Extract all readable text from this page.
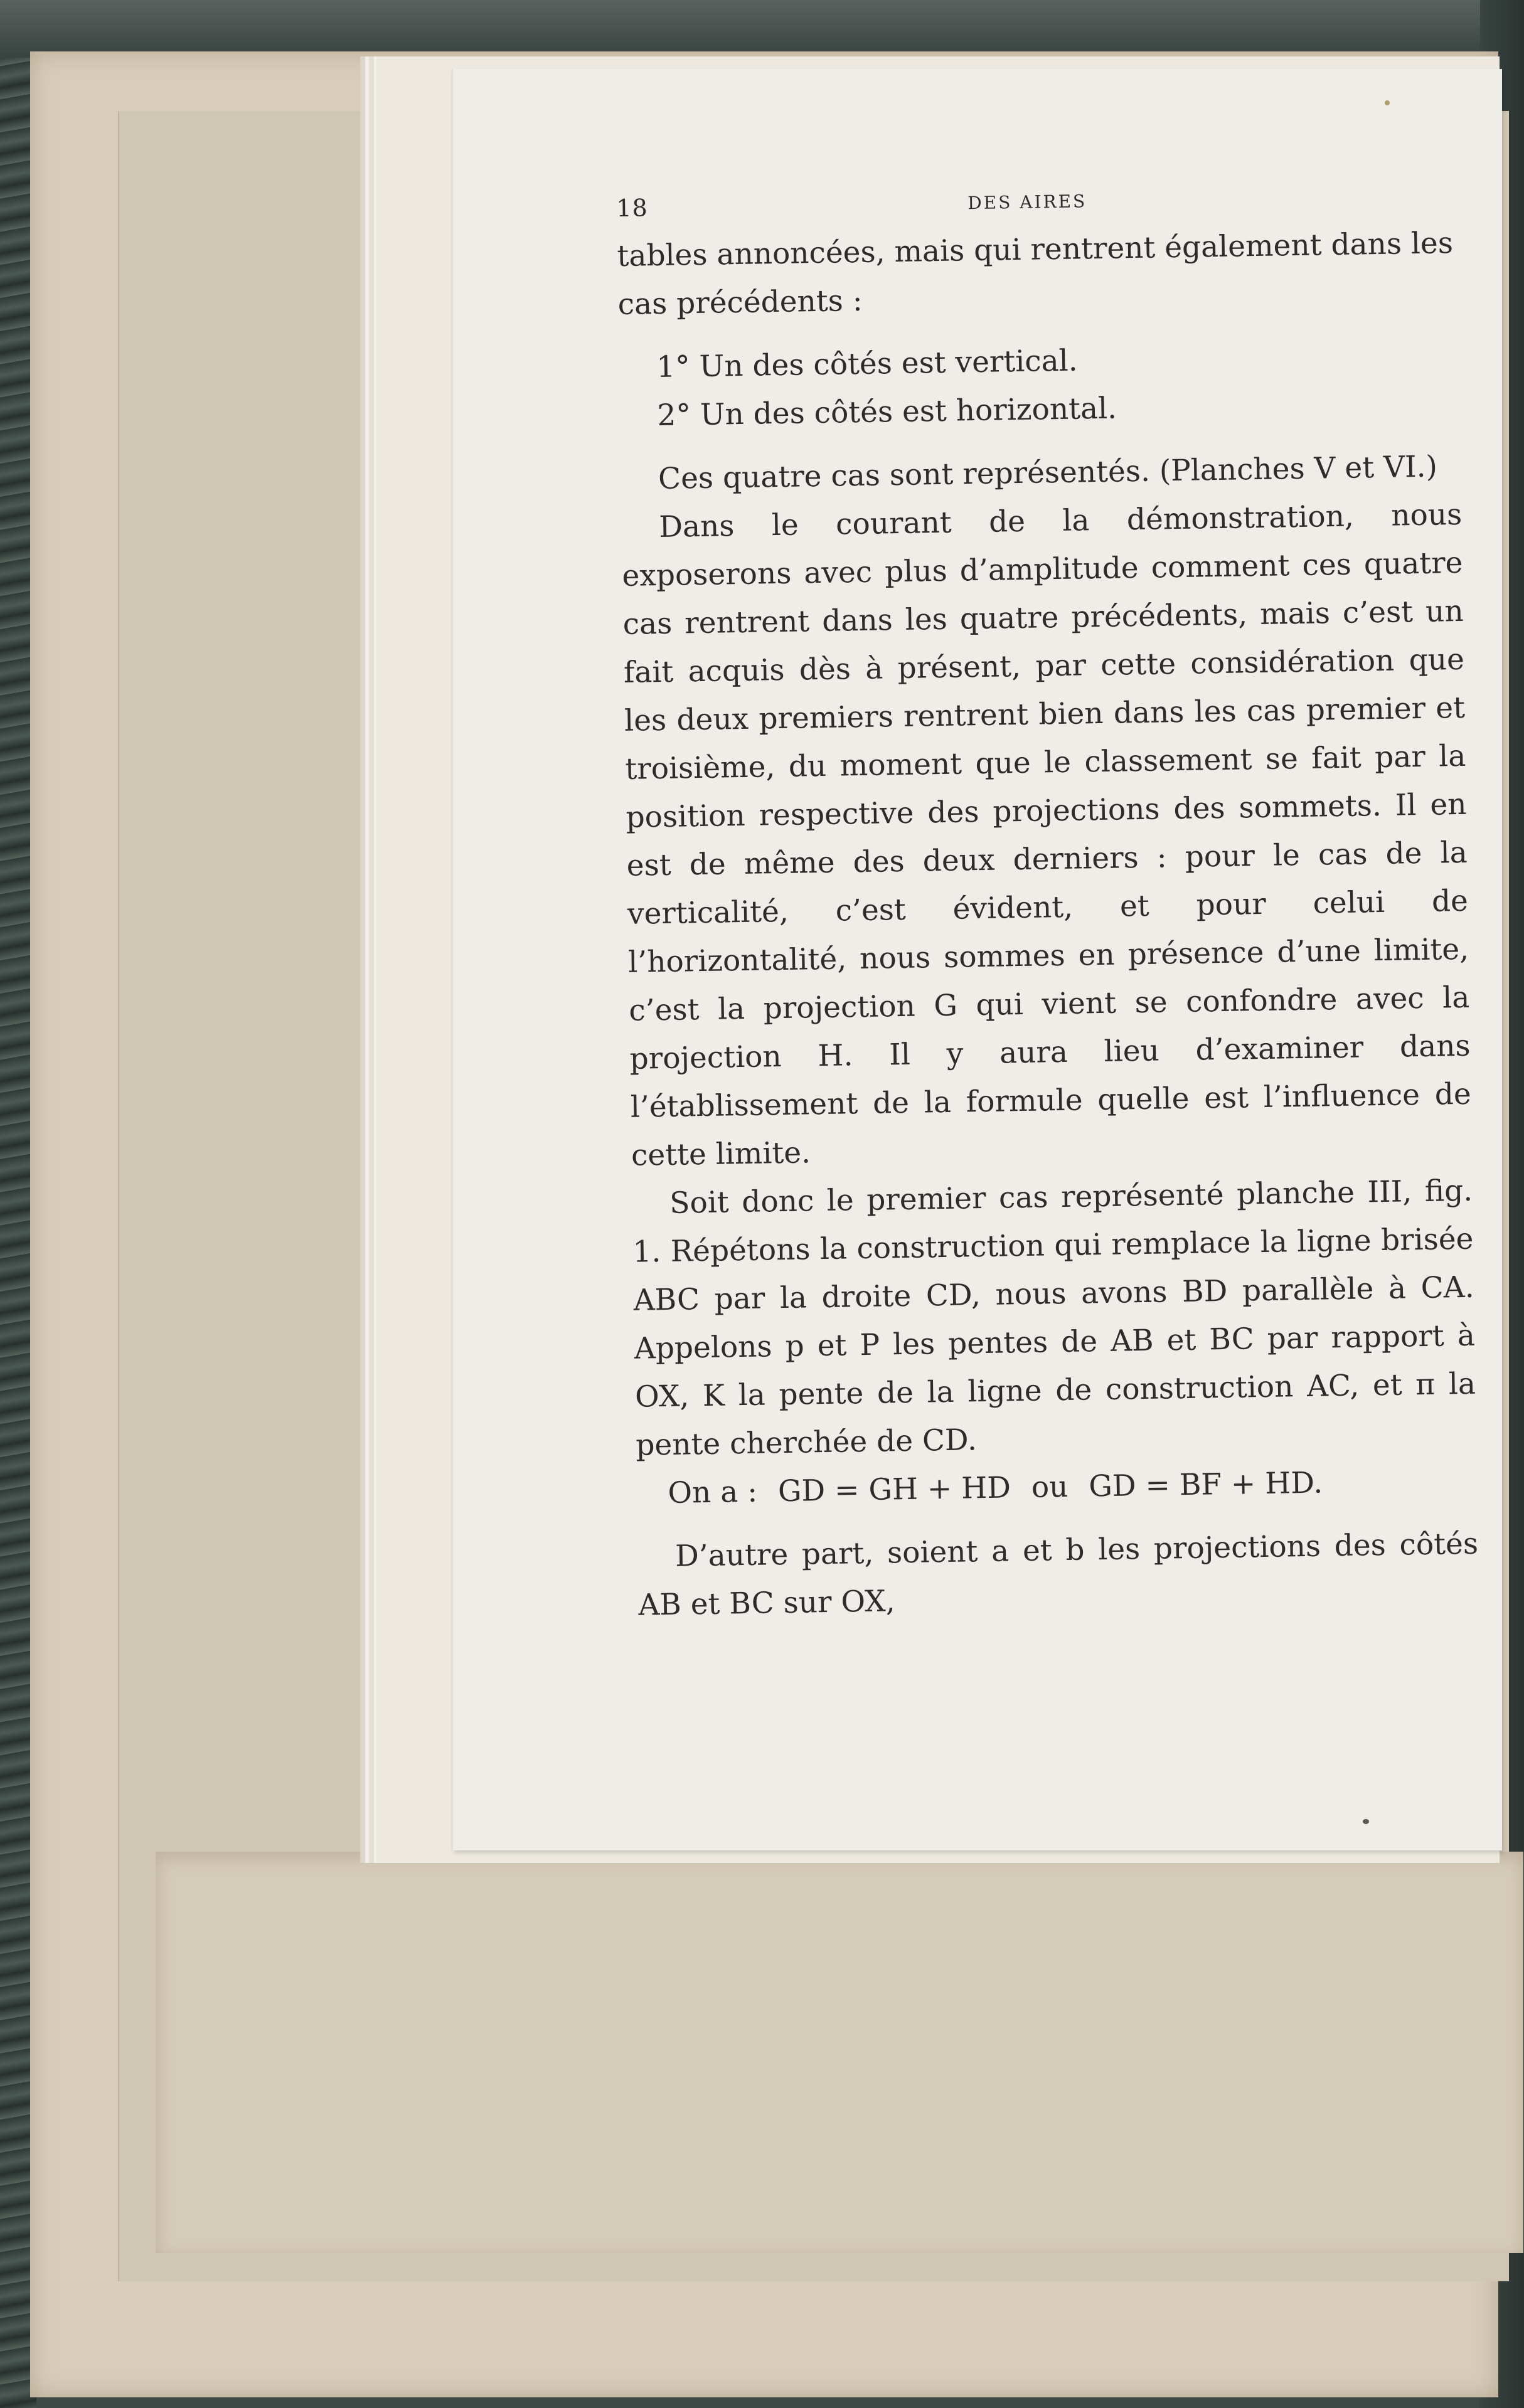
18	DES AIRES

tables annoncées, mais qui rentrent également dans les

cas précédents :

1° Un des côtés est vertical.

2° Un des côtés est horizontal.

Ces quatre cas sont représentés. (Planches V et VI.)

Dans le courant de la démonstration, nous exposerons avec plus d’amplitude comment ces quatre cas rentrent dans les quatre précédents, mais c’est un fait acquis dès à présent, par cette considération que les deux premiers rentrent bien dans les cas premier et troisième, du moment que le classement se fait par la position respective des projections des sommets. Il en est de même des deux derniers : pour le cas de la verticalité, c’est évident, et pour celui de l’horizontalité, nous sommes en présence d’une limite, c’est la projection G qui vient se confondre avec la projection H. Il y aura lieu d’examiner dans l’établissement de la formule quelle est l’influence de cette limite.

Soit donc le premier cas représenté planche III, fig. 1. Répétons la construction qui remplace la ligne brisée ABC par la droite CD, nous avons BD parallèle à CA. Appelons p et P les pentes de AB et BC par rapport à OX, K la pente de la ligne de construction AC, et π la pente cherchée de CD.

On a : GD = GH + HD ou GD = BF + HD.

D’autre part, soient a et b les projections des côtés AB et BC sur OX,
